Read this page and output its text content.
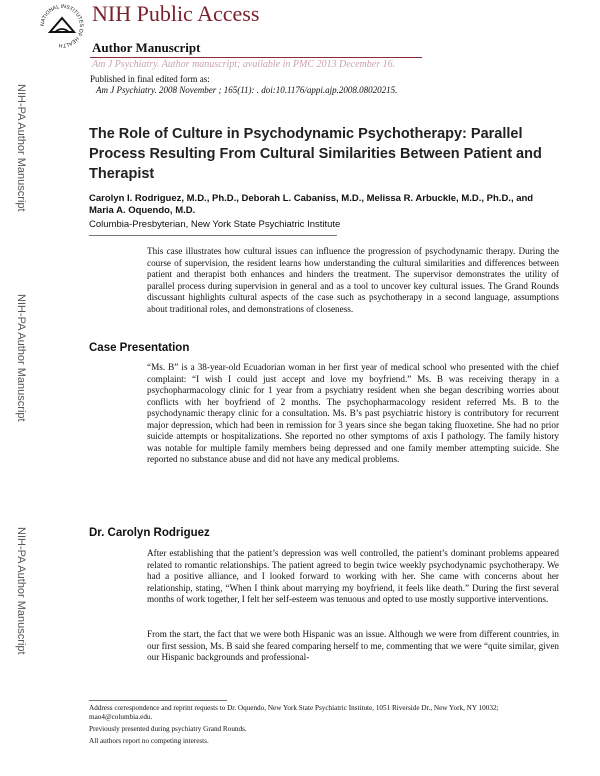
NATIONAL INSTITUTES OF HEALTH
NIH Public Access
Author Manuscript
Am J Psychiatry. Author manuscript; available in PMC 2013 December 16.
Published in final edited form as:
Am J Psychiatry. 2008 November ; 165(11): . doi:10.1176/appi.ajp.2008.08020215.
NIH-PA Author Manuscript
NIH-PA Author Manuscript
NIH-PA Author Manuscript
The Role of Culture in Psychodynamic Psychotherapy: Parallel Process Resulting From Cultural Similarities Between Patient and Therapist
Carolyn I. Rodriguez, M.D., Ph.D., Deborah L. Cabaniss, M.D., Melissa R. Arbuckle, M.D., Ph.D., and Maria A. Oquendo, M.D.
Columbia-Presbyterian, New York State Psychiatric Institute
This case illustrates how cultural issues can influence the progression of psychodynamic therapy. During the course of supervision, the resident learns how understanding the cultural similarities and differences between patient and therapist both enhances and hinders the treatment. The supervisor demonstrates the utility of parallel process during supervision in general and as a tool to uncover key cultural issues. The Grand Rounds discussant highlights cultural aspects of the case such as psychotherapy in a second language, assumptions about traditional roles, and demonstrations of closeness.
Case Presentation
“Ms. B” is a 38-year-old Ecuadorian woman in her first year of medical school who presented with the chief complaint: “I wish I could just accept and love my boyfriend.” Ms. B was receiving therapy in a psychopharmacology clinic for 1 year from a psychiatry resident when she began describing worries about conflicts with her boyfriend of 2 months. The psychopharmacology resident referred Ms. B to the psychodynamic therapy clinic for a consultation. Ms. B’s past psychiatric history is contributory for recurrent major depression, which had been in remission for 3 years since she began taking fluoxetine. She had no prior suicide attempts or hospitalizations. She reported no other symptoms of axis I pathology. The family history was notable for multiple family members being depressed and one family member attempting suicide. She reported no substance abuse and did not have any medical problems.
Dr. Carolyn Rodriguez
After establishing that the patient’s depression was well controlled, the patient’s dominant problems appeared related to romantic relationships. The patient agreed to begin twice weekly psychodynamic psychotherapy. We had a positive alliance, and I looked forward to working with her. She came with concerns about her relationship, stating, “When I think about marrying my boyfriend, it feels like death.” During the first several months of work together, I felt her self-esteem was tenuous and opted to use mostly supportive interventions.
From the start, the fact that we were both Hispanic was an issue. Although we were from different countries, in our first session, Ms. B said she feared comparing herself to me, commenting that we were “quite similar, given our Hispanic backgrounds and professional-
Address correspondence and reprint requests to Dr. Oquendo, New York State Psychiatric Institute, 1051 Riverside Dr., New York, NY 10032; mao4@columbia.edu.
Previously presented during psychiatry Grand Rounds.
All authors report no competing interests.
